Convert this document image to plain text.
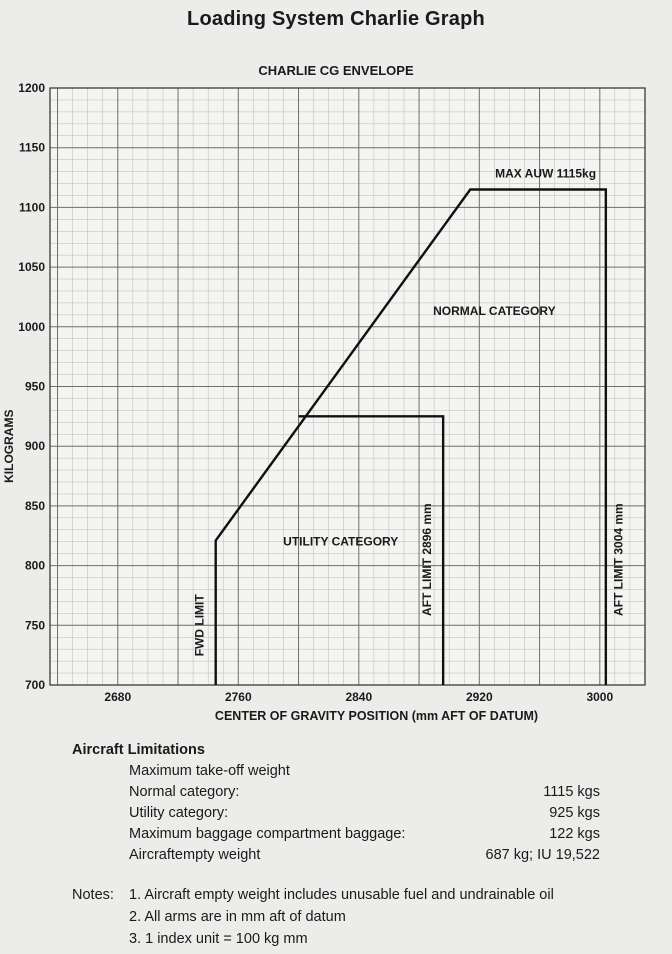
Loading System Charlie Graph
CHARLIE CG ENVELOPE
700
750
800
850
900
950
1000
1050
1100
1150
1200
2680	2760	2840	2920	3000
CENTER OF GRAVITY POSITION (mm AFT OF DATUM)
KILOGRAMS
MAX AUW 1115kg
NORMAL CATEGORY
UTILITY CATEGORY
FWD LIMIT
AFT LIMIT 2896 mm	AFT LIMIT 3004 mm
Aircraft Limitations
Maximum take-off weight
Normal category:	1115 kgs
Utility category:	925 kgs
Maximum baggage compartment baggage:	122 kgs
Aircraftempty weight	687 kg; IU 19,522
Notes: 1. Aircraft empty weight includes unusable fuel and undrainable oil
2. All arms are in mm aft of datum
3. 1 index unit = 100 kg mm
